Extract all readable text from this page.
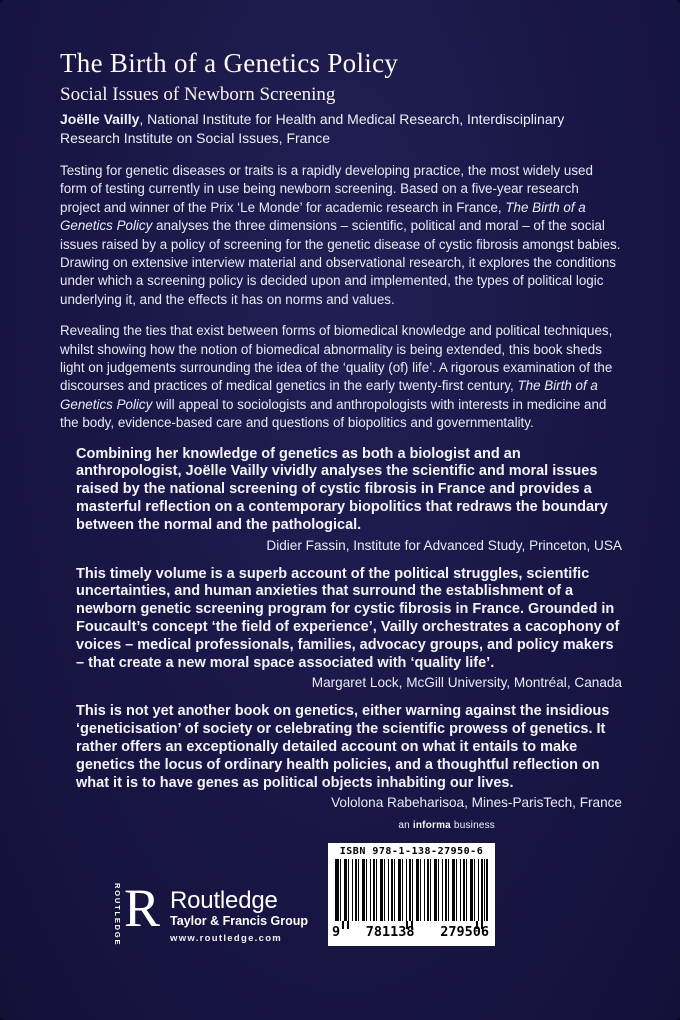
The Birth of a Genetics Policy
Social Issues of Newborn Screening

Joëlle Vailly, National Institute for Health and Medical Research, Interdisciplinary Research Institute on Social Issues, France

Testing for genetic diseases or traits is a rapidly developing practice, the most widely used form of testing currently in use being newborn screening. Based on a five-year research project and winner of the Prix ‘Le Monde’ for academic research in France, The Birth of a Genetics Policy analyses the three dimensions – scientific, political and moral – of the social issues raised by a policy of screening for the genetic disease of cystic fibrosis amongst babies. Drawing on extensive interview material and observational research, it explores the conditions under which a screening policy is decided upon and implemented, the types of political logic underlying it, and the effects it has on norms and values.

Revealing the ties that exist between forms of biomedical knowledge and political techniques, whilst showing how the notion of biomedical abnormality is being extended, this book sheds light on judgements surrounding the idea of the ‘quality (of) life’. A rigorous examination of the discourses and practices of medical genetics in the early twenty-first century, The Birth of a Genetics Policy will appeal to sociologists and anthropologists with interests in medicine and the body, evidence-based care and questions of biopolitics and governmentality.

Combining her knowledge of genetics as both a biologist and an anthropologist, Joëlle Vailly vividly analyses the scientific and moral issues raised by the national screening of cystic fibrosis in France and provides a masterful reflection on a contemporary biopolitics that redraws the boundary between the normal and the pathological.

Didier Fassin, Institute for Advanced Study, Princeton, USA

This timely volume is a superb account of the political struggles, scientific uncertainties, and human anxieties that surround the establishment of a newborn genetic screening program for cystic fibrosis in France. Grounded in Foucault’s concept ‘the field of experience’, Vailly orchestrates a cacophony of voices – medical professionals, families, advocacy groups, and policy makers – that create a new moral space associated with ‘quality life’.

Margaret Lock, McGill University, Montréal, Canada

This is not yet another book on genetics, either warning against the insidious ‘geneticisation’ of society or celebrating the scientific prowess of genetics. It rather offers an exceptionally detailed account on what it entails to make genetics the locus of ordinary health policies, and a thoughtful reflection on what it is to have genes as political objects inhabiting our lives.

Vololona Rabeharisoa, Mines-ParisTech, France

an informa business
ISBN 978-1-138-27950-6
9 781138 279506
ROUTLEDGE R Routledge
Taylor & Francis Group
www.routledge.com
